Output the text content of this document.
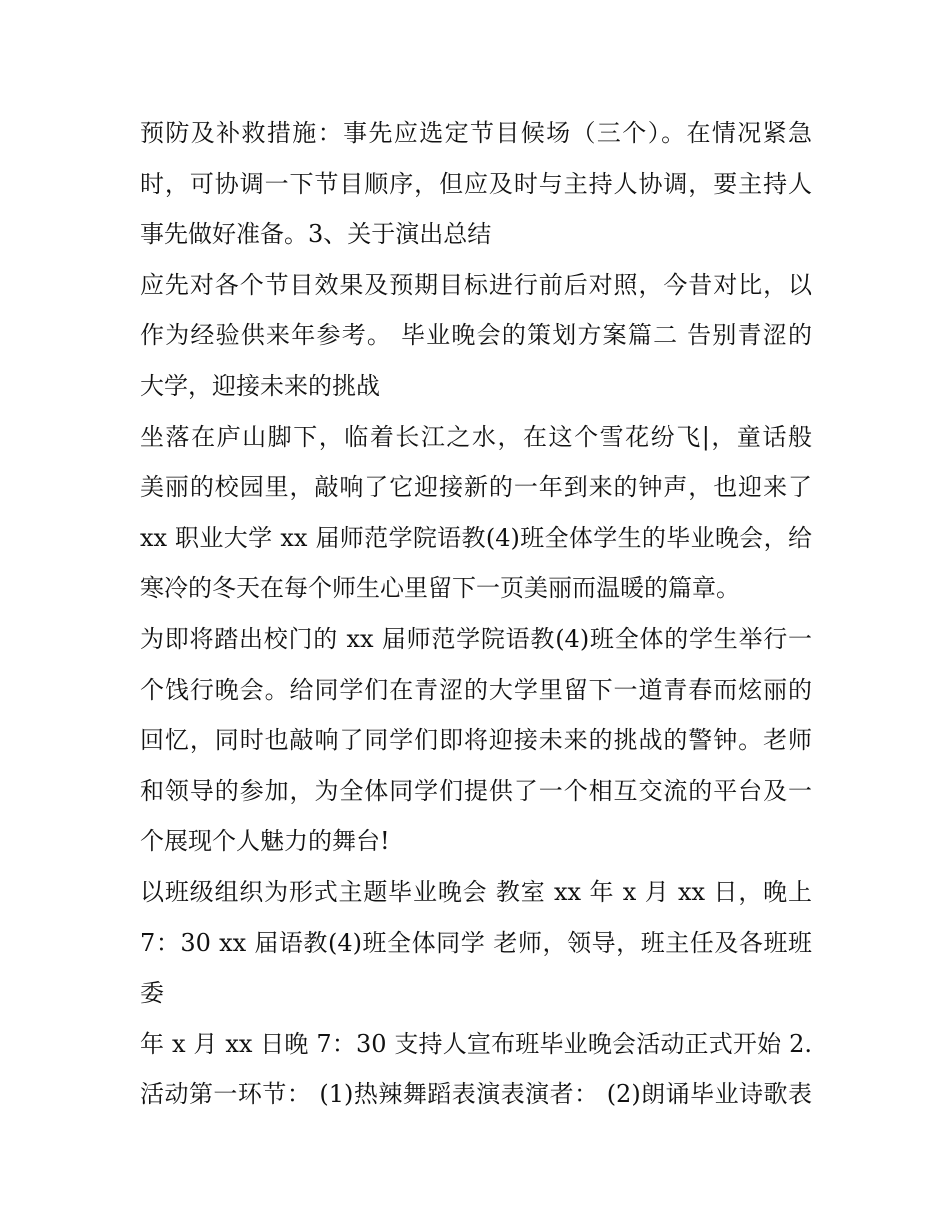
预防及补救措施：事先应选定节目候场（三个）。在情况紧急
时，可协调一下节目顺序，但应及时与主持人协调，要主持人
事先做好准备。3、关于演出总结
应先对各个节目效果及预期目标进行前后对照，今昔对比，以
作为经验供来年参考。 毕业晚会的策划方案篇二 告别青涩的
大学，迎接未来的挑战
坐落在庐山脚下，临着长江之水，在这个雪花纷飞|，童话般
美丽的校园里，敲响了它迎接新的一年到来的钟声，也迎来了
xx 职业大学 xx 届师范学院语教(4)班全体学生的毕业晚会，给
寒冷的冬天在每个师生心里留下一页美丽而温暖的篇章。
为即将踏出校门的 xx 届师范学院语教(4)班全体的学生举行一
个饯行晚会。给同学们在青涩的大学里留下一道青春而炫丽的
回忆，同时也敲响了同学们即将迎接未来的挑战的警钟。老师
和领导的参加，为全体同学们提供了一个相互交流的平台及一
个展现个人魅力的舞台!
以班级组织为形式主题毕业晚会 教室 xx 年 x 月 xx 日，晚上
7：30 xx 届语教(4)班全体同学 老师，领导，班主任及各班班
委
年 x 月 xx 日晚 7：30 支持人宣布班毕业晚会活动正式开始 2.
活动第一环节： (1)热辣舞蹈表演表演者： (2)朗诵毕业诗歌表
